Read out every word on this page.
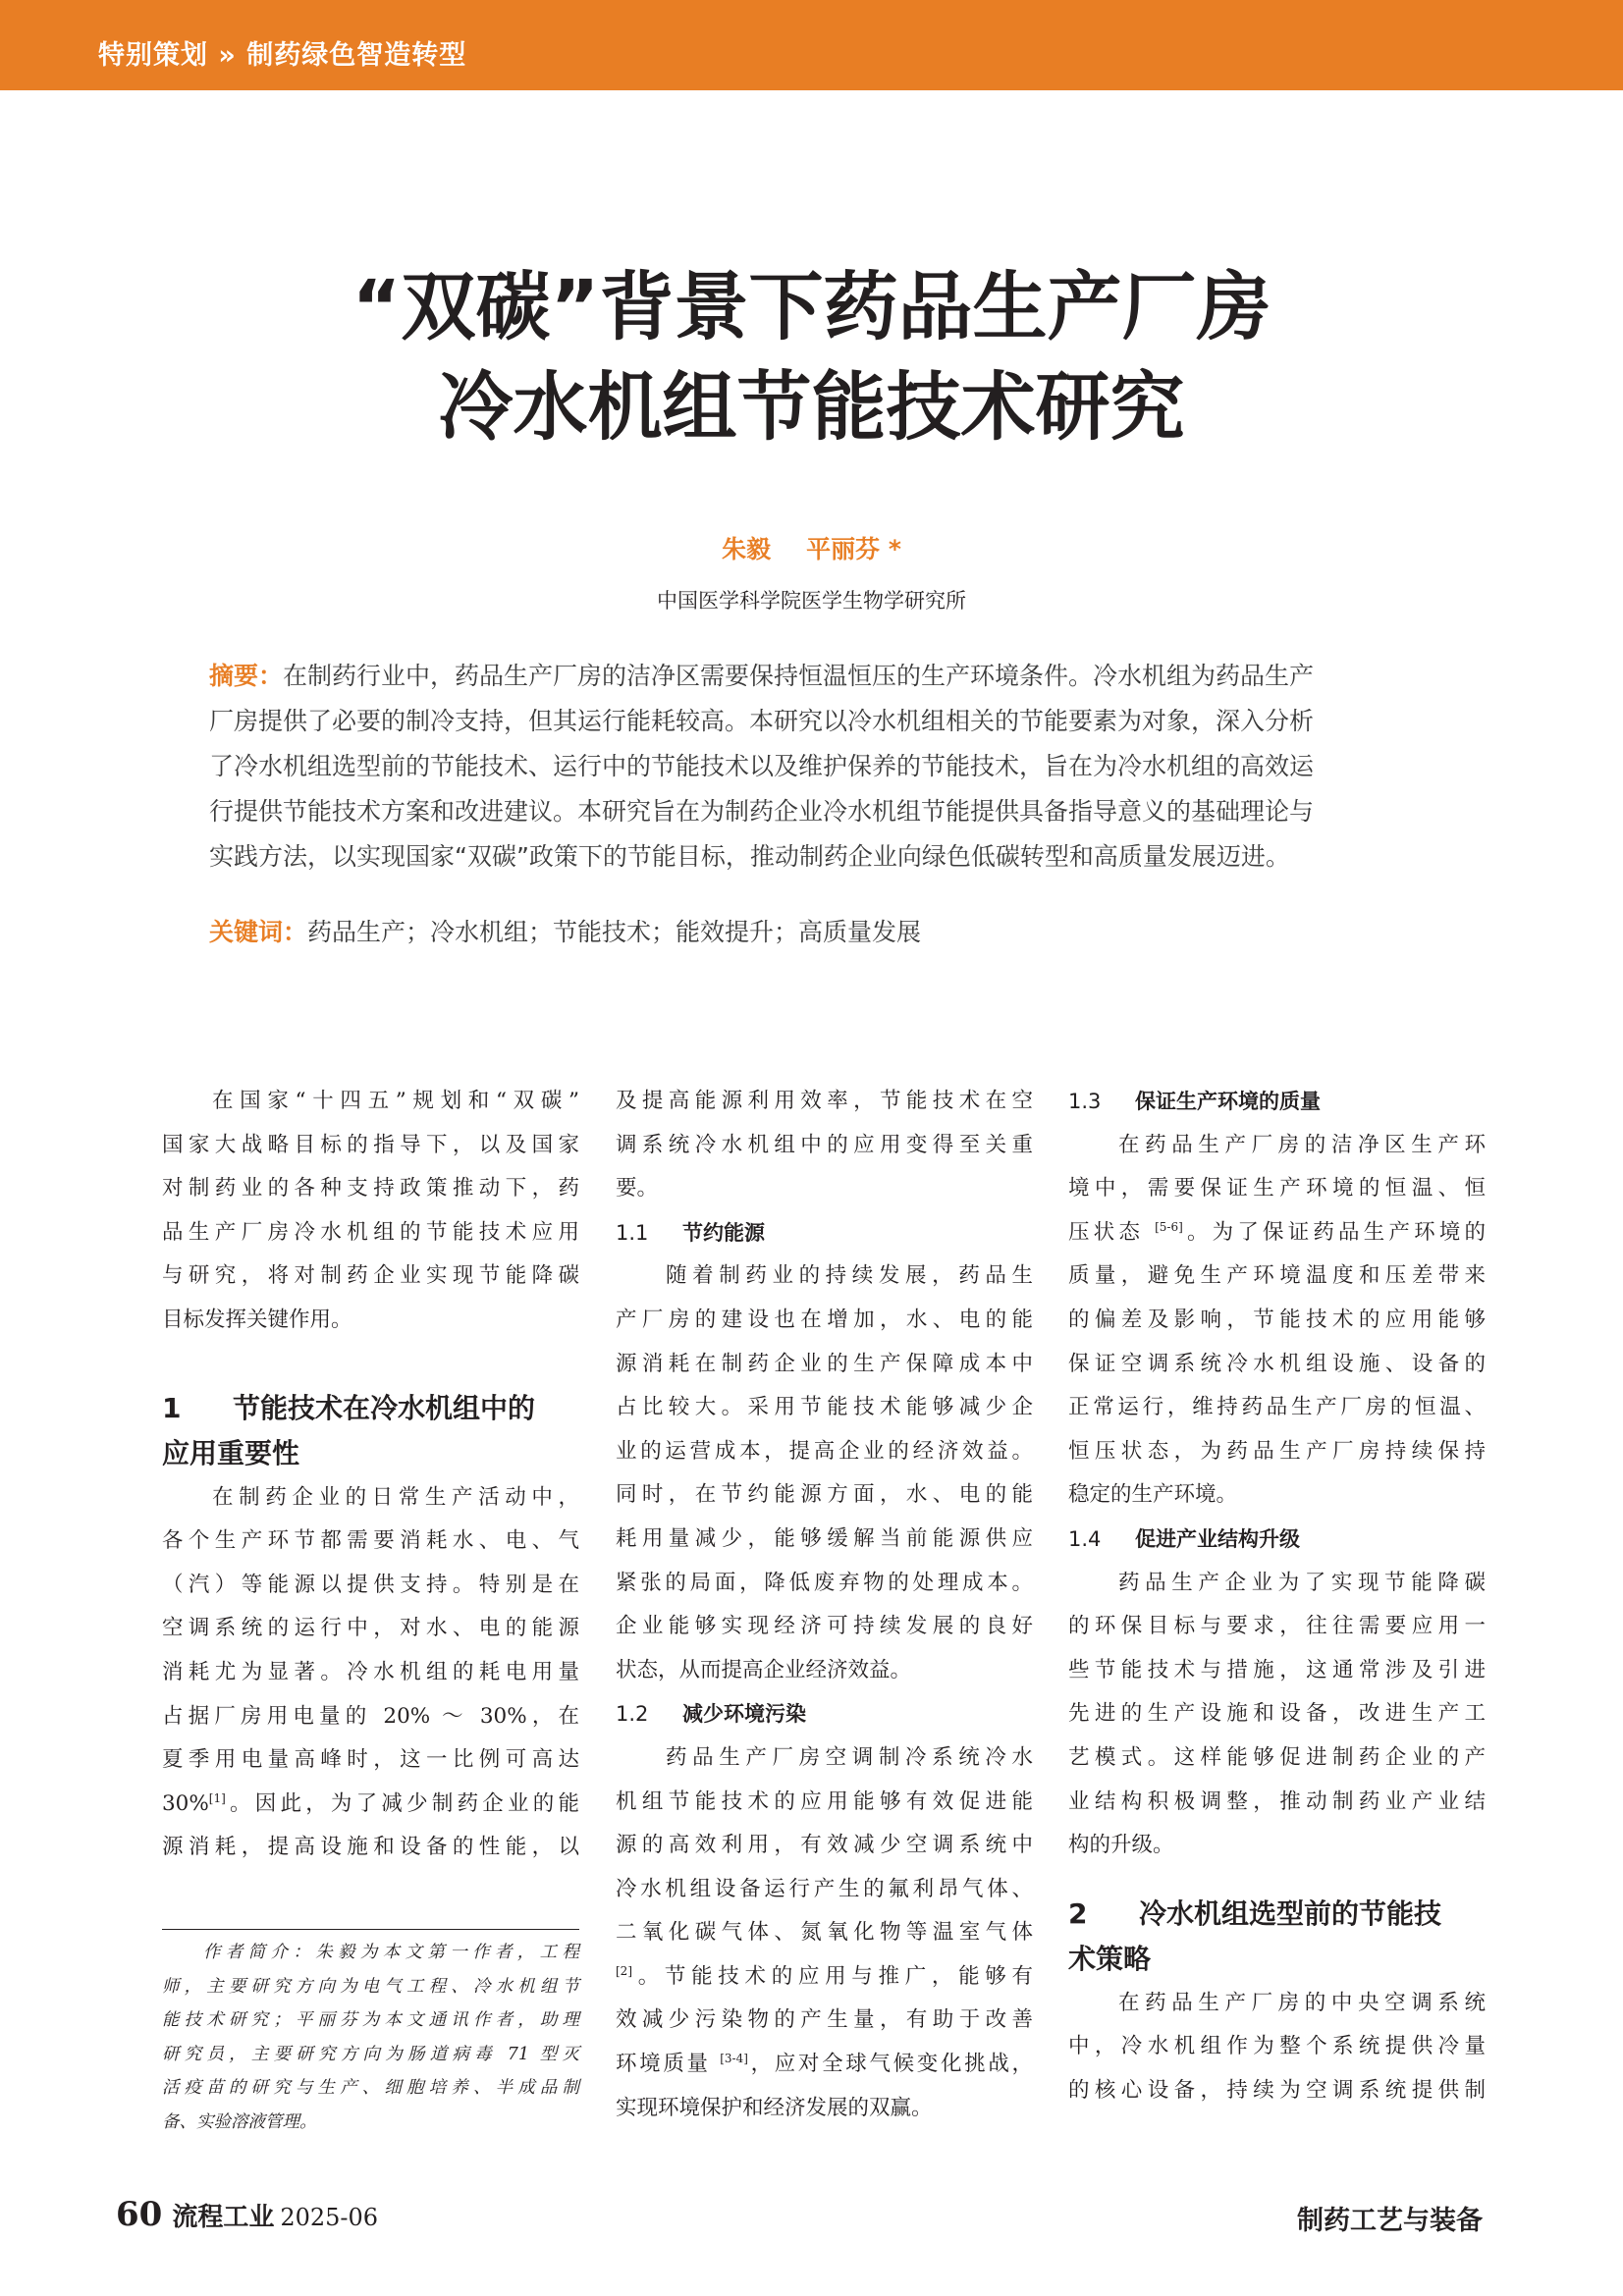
特别策划 » 制药绿色智造转型
“双碳”背景下药品生产厂房
冷水机组节能技术研究
朱毅 平丽芬 *
中国医学科学院医学生物学研究所
摘要：在制药行业中，药品生产厂房的洁净区需要保持恒温恒压的生产环境条件。冷水机组为药品生产
厂房提供了必要的制冷支持，但其运行能耗较高。本研究以冷水机组相关的节能要素为对象，深入分析
了冷水机组选型前的节能技术、运行中的节能技术以及维护保养的节能技术，旨在为冷水机组的高效运
行提供节能技术方案和改进建议。本研究旨在为制药企业冷水机组节能提供具备指导意义的基础理论与
实践方法，以实现国家“双碳”政策下的节能目标，推动制药企业向绿色低碳转型和高质量发展迈进。
关键词：药品生产；冷水机组；节能技术；能效提升；高质量发展
在国家“十四五”规划和“双碳”
国家大战略目标的指导下，以及国家
对制药业的各种支持政策推动下，药
品生产厂房冷水机组的节能技术应用
与研究，将对制药企业实现节能降碳
目标发挥关键作用。
1 节能技术在冷水机组中的
应用重要性
在制药企业的日常生产活动中，
各个生产环节都需要消耗水、电、气
（汽）等能源以提供支持。特别是在
空调系统的运行中，对水、电的能源
消耗尤为显著。冷水机组的耗电用量
占据厂房用电量的 20% ～ 30%，在
夏季用电量高峰时，这一比例可高达
30%[1]。因此，为了减少制药企业的能
源消耗，提高设施和设备的性能，以
作者简介：朱毅为本文第一作者，工程
师，主要研究方向为电气工程、冷水机组节
能技术研究；平丽芬为本文通讯作者，助理
研究员，主要研究方向为肠道病毒 71 型灭
活疫苗的研究与生产、细胞培养、半成品制
备、实验溶液管理。
及提高能源利用效率，节能技术在空
调系统冷水机组中的应用变得至关重
要。
1.1 节约能源
随着制药业的持续发展，药品生
产厂房的建设也在增加，水、电的能
源消耗在制药企业的生产保障成本中
占比较大。采用节能技术能够减少企
业的运营成本，提高企业的经济效益。
同时，在节约能源方面，水、电的能
耗用量减少，能够缓解当前能源供应
紧张的局面，降低废弃物的处理成本。
企业能够实现经济可持续发展的良好
状态，从而提高企业经济效益。
1.2 减少环境污染
药品生产厂房空调制冷系统冷水
机组节能技术的应用能够有效促进能
源的高效利用，有效减少空调系统中
冷水机组设备运行产生的氟利昂气体、
二氧化碳气体、氮氧化物等温室气体
[2]。节能技术的应用与推广，能够有
效减少污染物的产生量，有助于改善
环境质量 [3-4]，应对全球气候变化挑战，
实现环境保护和经济发展的双赢。
1.3 保证生产环境的质量
在药品生产厂房的洁净区生产环
境中，需要保证生产环境的恒温、恒
压状态 [5-6]。为了保证药品生产环境的
质量，避免生产环境温度和压差带来
的偏差及影响，节能技术的应用能够
保证空调系统冷水机组设施、设备的
正常运行，维持药品生产厂房的恒温、
恒压状态，为药品生产厂房持续保持
稳定的生产环境。
1.4 促进产业结构升级
药品生产企业为了实现节能降碳
的环保目标与要求，往往需要应用一
些节能技术与措施，这通常涉及引进
先进的生产设施和设备，改进生产工
艺模式。这样能够促进制药企业的产
业结构积极调整，推动制药业产业结
构的升级。
2 冷水机组选型前的节能技
术策略
在药品生产厂房的中央空调系统
中，冷水机组作为整个系统提供冷量
的核心设备，持续为空调系统提供制
60 流程工业 2025-06	制药工艺与装备
